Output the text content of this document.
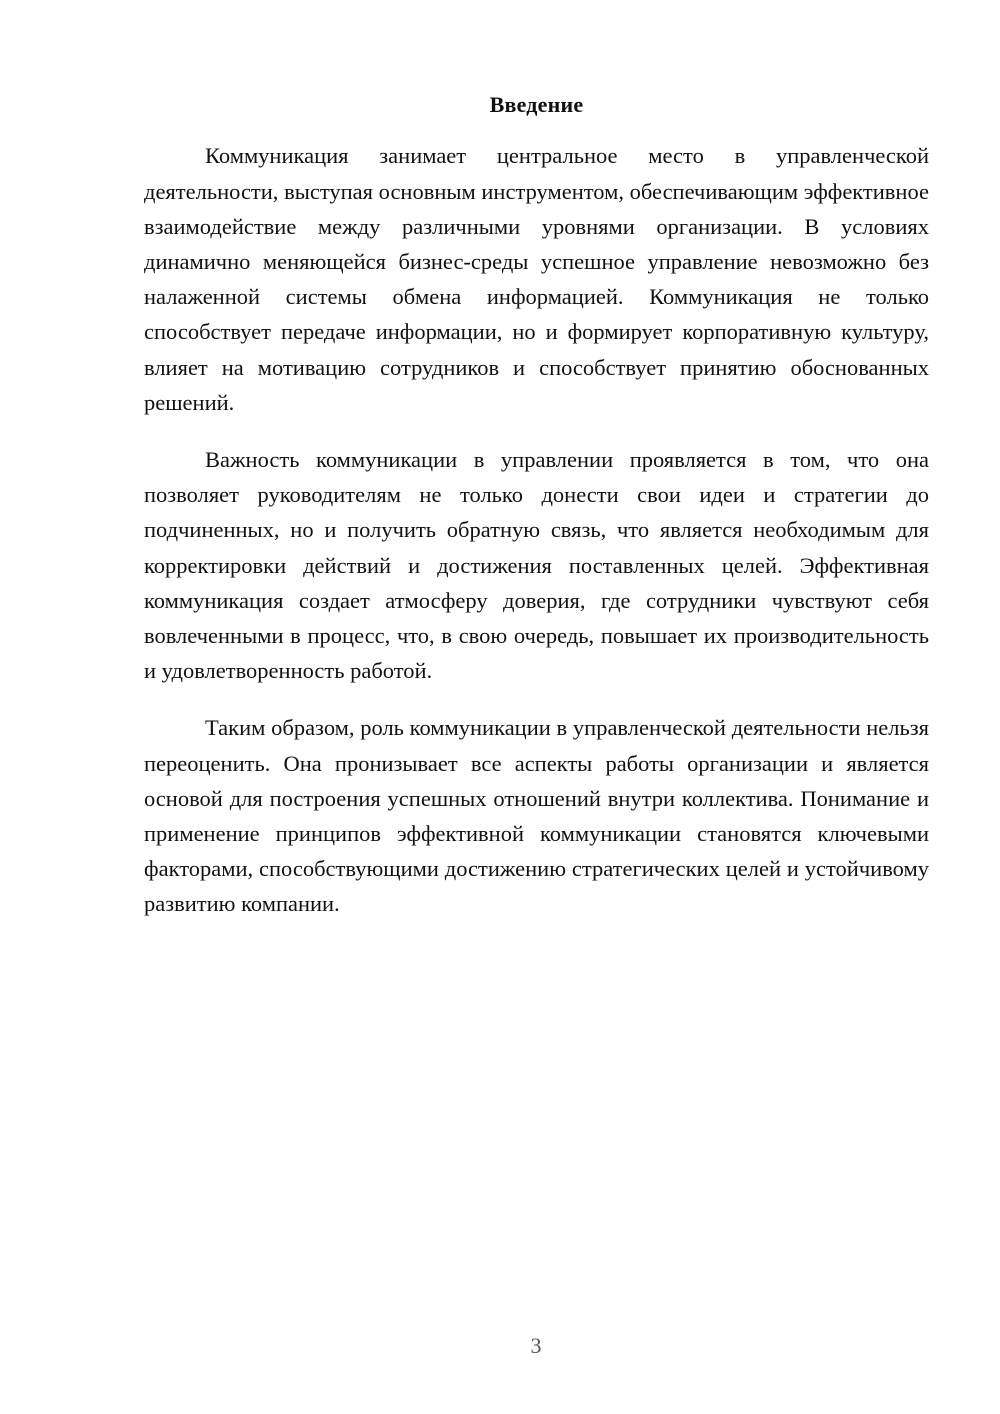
Введение

Коммуникация занимает центральное место в управленческой деятельности, выступая основным инструментом, обеспечивающим эффективное взаимодействие между различными уровнями организации. В условиях динамично меняющейся бизнес-среды успешное управление невозможно без налаженной системы обмена информацией. Коммуникация не только способствует передаче информации, но и формирует корпоративную культуру, влияет на мотивацию сотрудников и способствует принятию обоснованных решений.

Важность коммуникации в управлении проявляется в том, что она позволяет руководителям не только донести свои идеи и стратегии до подчиненных, но и получить обратную связь, что является необходимым для корректировки действий и достижения поставленных целей. Эффективная коммуникация создает атмосферу доверия, где сотрудники чувствуют себя вовлеченными в процесс, что, в свою очередь, повышает их производительность и удовлетворенность работой.

Таким образом, роль коммуникации в управленческой деятельности нельзя переоценить. Она пронизывает все аспекты работы организации и является основой для построения успешных отношений внутри коллектива. Понимание и применение принципов эффективной коммуникации становятся ключевыми факторами, способствующими достижению стратегических целей и устойчивому развитию компании.

3
